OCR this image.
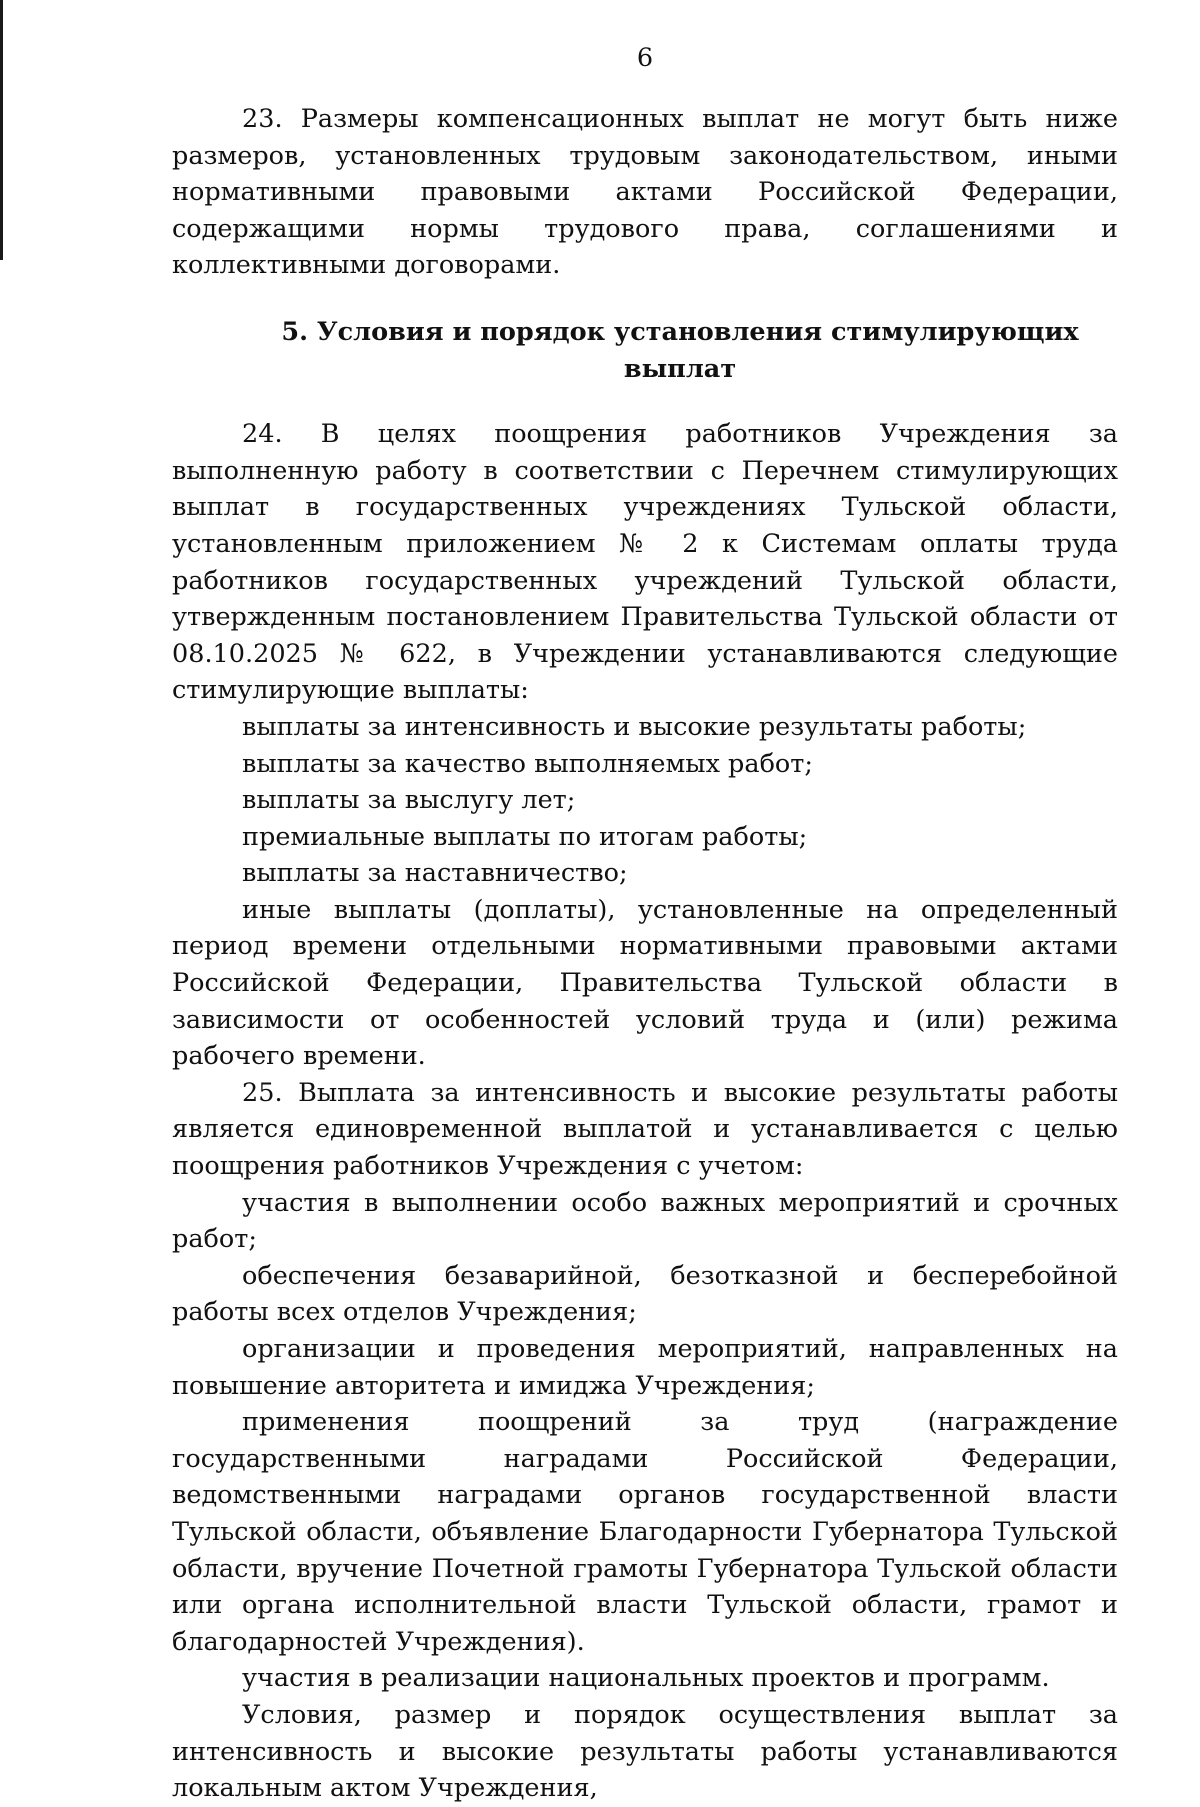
6

23. Размеры компенсационных выплат не могут быть ниже размеров, установленных трудовым законодательством, иными нормативными правовыми актами Российской Федерации, содержащими нормы трудового права, соглашениями и коллективными договорами.

5. Условия и порядок установления стимулирующих выплат

24. В целях поощрения работников Учреждения за выполненную работу в соответствии с Перечнем стимулирующих выплат в государственных учреждениях Тульской области, установленным приложением № 2 к Системам оплаты труда работников государственных учреждений Тульской области, утвержденным постановлением Правительства Тульской области от 08.10.2025 № 622, в Учреждении устанавливаются следующие стимулирующие выплаты:

выплаты за интенсивность и высокие результаты работы;

выплаты за качество выполняемых работ;

выплаты за выслугу лет;

премиальные выплаты по итогам работы;

выплаты за наставничество;

иные выплаты (доплаты), установленные на определенный период времени отдельными нормативными правовыми актами Российской Федерации, Правительства Тульской области в зависимости от особенностей условий труда и (или) режима рабочего времени.

25. Выплата за интенсивность и высокие результаты работы является единовременной выплатой и устанавливается с целью поощрения работников Учреждения с учетом:

участия в выполнении особо важных мероприятий и срочных работ;

обеспечения безаварийной, безотказной и бесперебойной работы всех отделов Учреждения;

организации и проведения мероприятий, направленных на повышение авторитета и имиджа Учреждения;

применения поощрений за труд (награждение государственными наградами Российской Федерации, ведомственными наградами органов государственной власти Тульской области, объявление Благодарности Губернатора Тульской области, вручение Почетной грамоты Губернатора Тульской области или органа исполнительной власти Тульской области, грамот и благодарностей Учреждения).

участия в реализации национальных проектов и программ.

Условия, размер и порядок осуществления выплат за интенсивность и высокие результаты работы устанавливаются локальным актом Учреждения,
